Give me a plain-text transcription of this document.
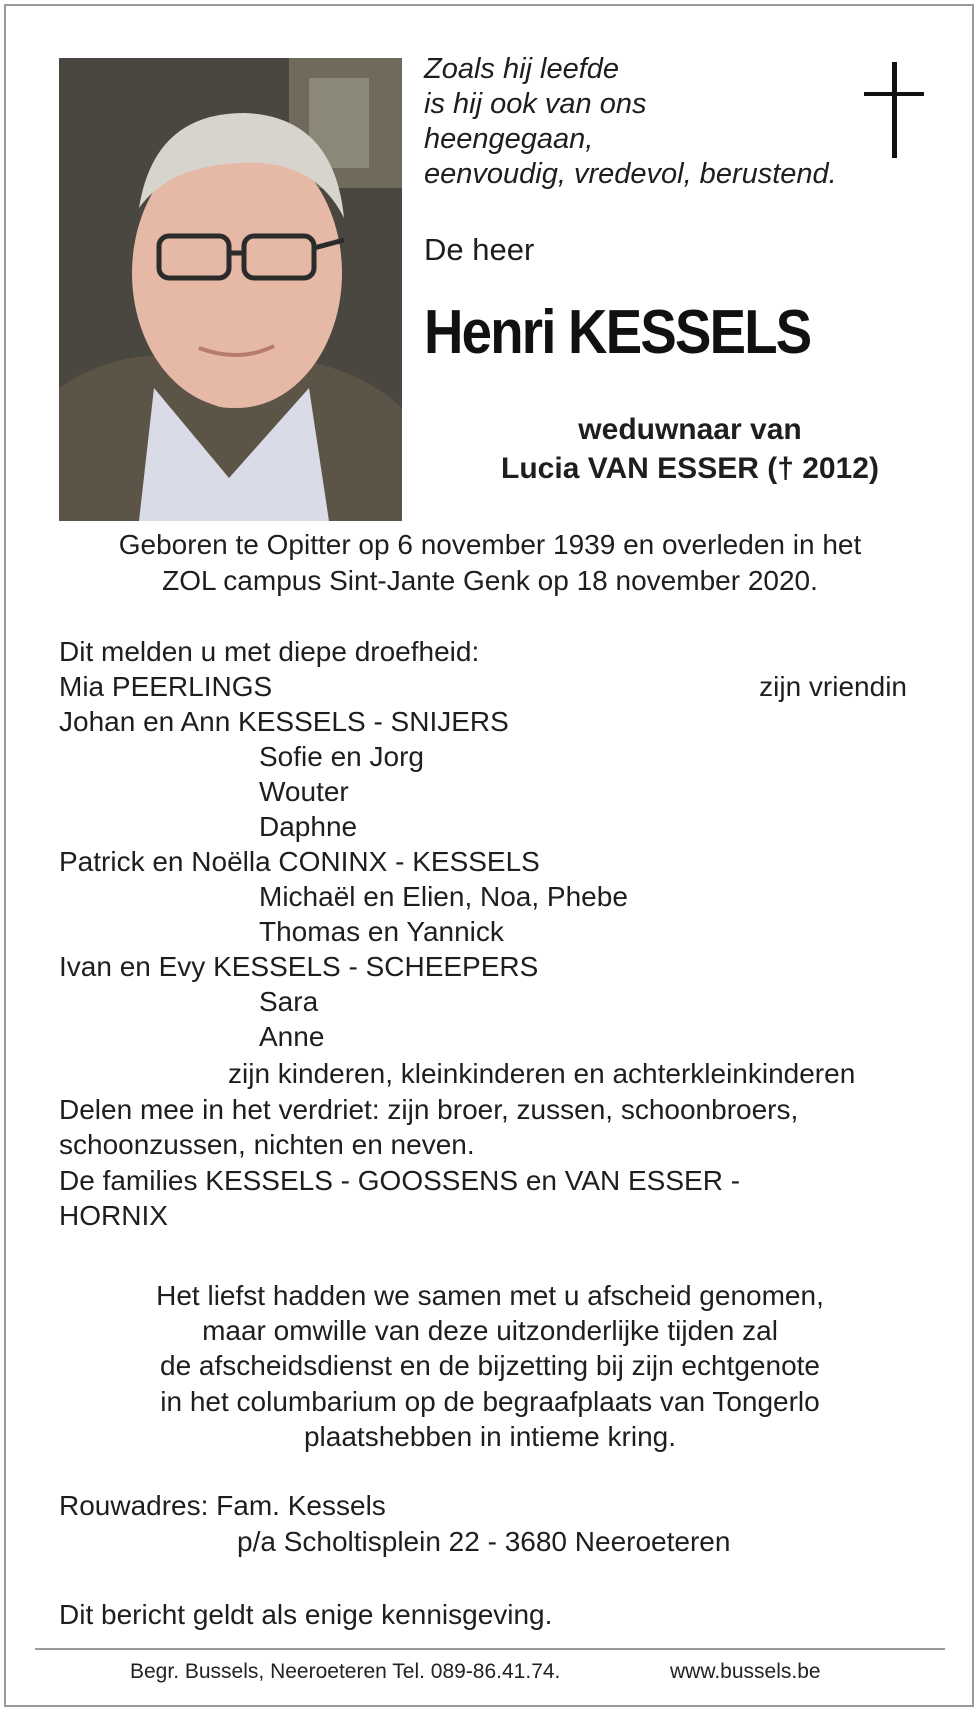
Zoals hij leefde
is hij ook van ons
heengegaan,
eenvoudig, vredevol, berustend.
De heer
Henri KESSELS
weduwnaar van
Lucia VAN ESSER († 2012)
Geboren te Opitter op 6 november 1939 en overleden in het
ZOL campus Sint-Jante Genk op 18 november 2020.
Dit melden u met diepe droefheid:
Mia PEERLINGS	zijn vriendin
Johan en Ann KESSELS - SNIJERS
Sofie en Jorg
Wouter
Daphne
Patrick en Noëlla CONINX - KESSELS
Michaël en Elien, Noa, Phebe
Thomas en Yannick
Ivan en Evy KESSELS - SCHEEPERS
Sara
Anne
zijn kinderen, kleinkinderen en achterkleinkinderen
Delen mee in het verdriet: zijn broer, zussen, schoonbroers, schoonzussen, nichten en neven.
De families KESSELS - GOOSSENS en VAN ESSER - HORNIX
Het liefst hadden we samen met u afscheid genomen,
maar omwille van deze uitzonderlijke tijden zal
de afscheidsdienst en de bijzetting bij zijn echtgenote
in het columbarium op de begraafplaats van Tongerlo
plaatshebben in intieme kring.
Rouwadres: Fam. Kessels
p/a Scholtisplein 22 - 3680 Neeroeteren
Dit bericht geldt als enige kennisgeving.
Begr. Bussels, Neeroeteren Tel. 089-86.41.74.	www.bussels.be
